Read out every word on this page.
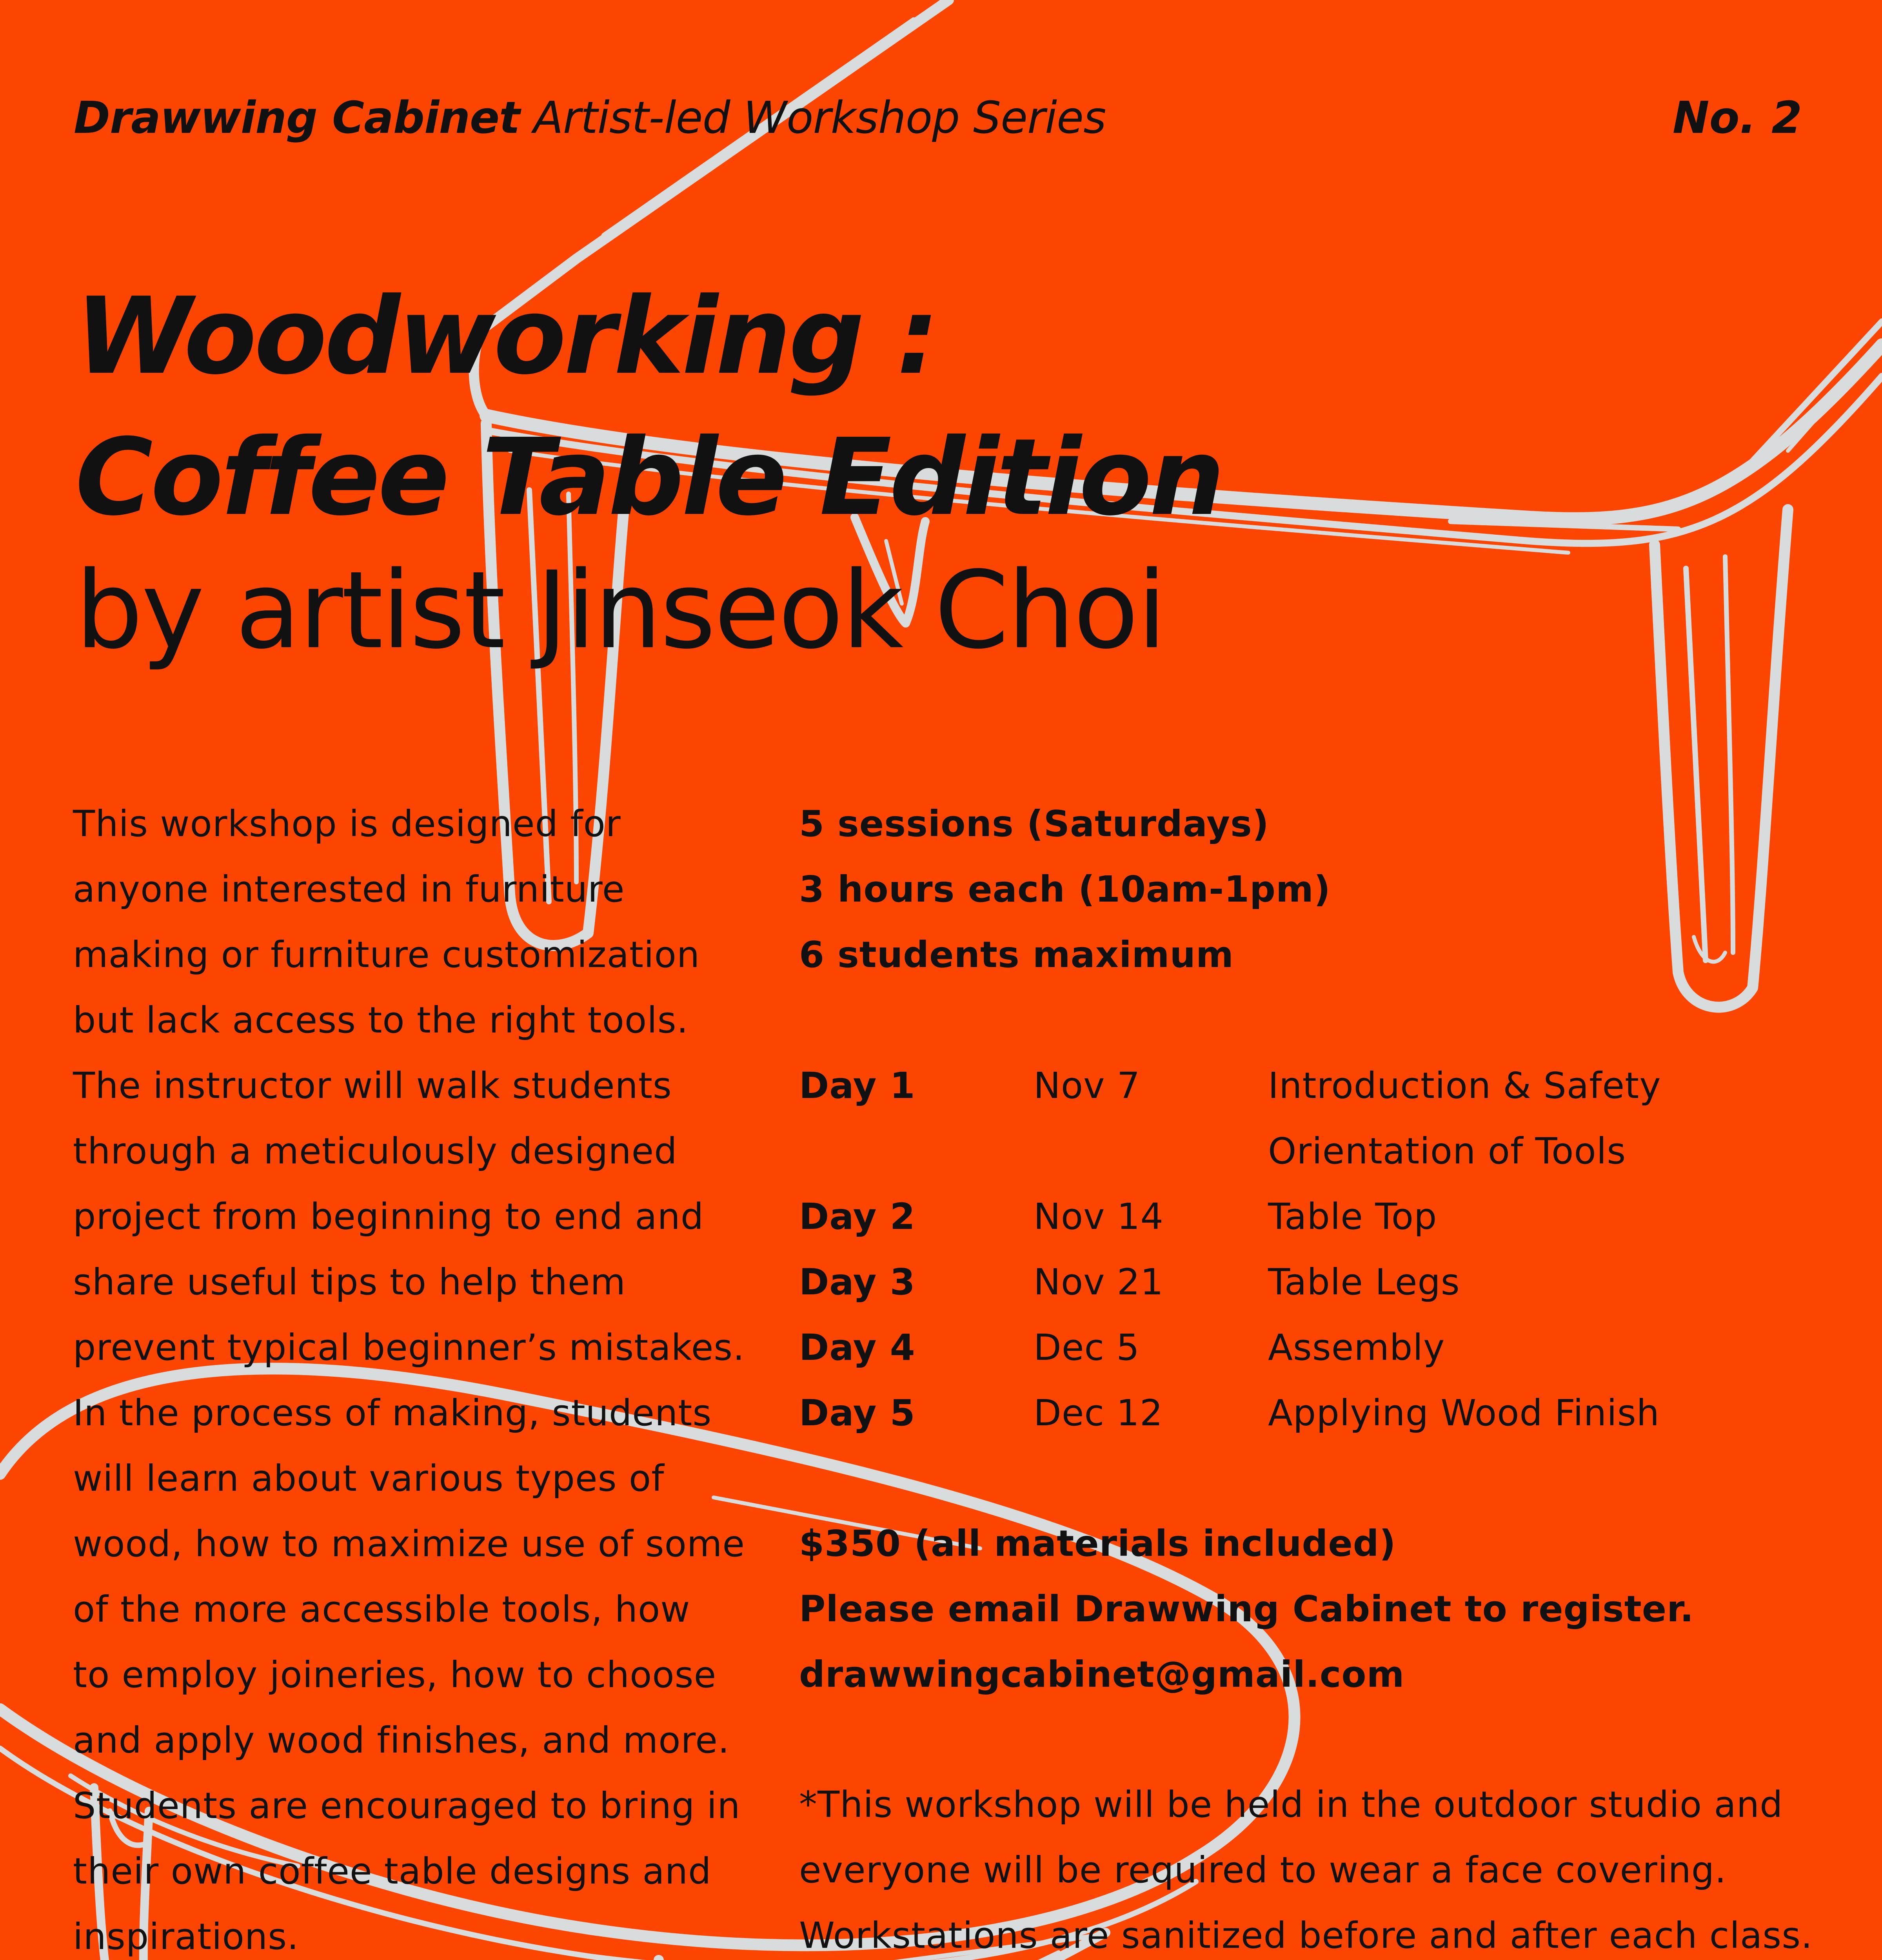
Drawwing Cabinet Artist-led Workshop Series	No. 2
Woodworking :
Coffee Table Edition
by artist Jinseok Choi
This workshop is designed for
anyone interested in furniture
making or furniture customization
but lack access to the right tools.
The instructor will walk students
through a meticulously designed
project from beginning to end and
share useful tips to help them
prevent typical beginner’s mistakes.
In the process of making, students
will learn about various types of
wood, how to maximize use of some
of the more accessible tools, how
to employ joineries, how to choose
and apply wood finishes, and more.
Students are encouraged to bring in
their own coffee table designs and
inspirations.
5 sessions (Saturdays)
3 hours each (10am-1pm)
6 students maximum
Day 1	Nov 7	Introduction & Safety
Orientation of Tools
Day 2	Nov 14	Table Top
Day 3	Nov 21	Table Legs
Day 4	Dec 5	Assembly
Day 5	Dec 12	Applying Wood Finish
$350 (all materials included)
Please email Drawwing Cabinet to register.
drawwingcabinet@gmail.com
*This workshop will be held in the outdoor studio and
everyone will be required to wear a face covering.
Workstations are sanitized before and after each class.
